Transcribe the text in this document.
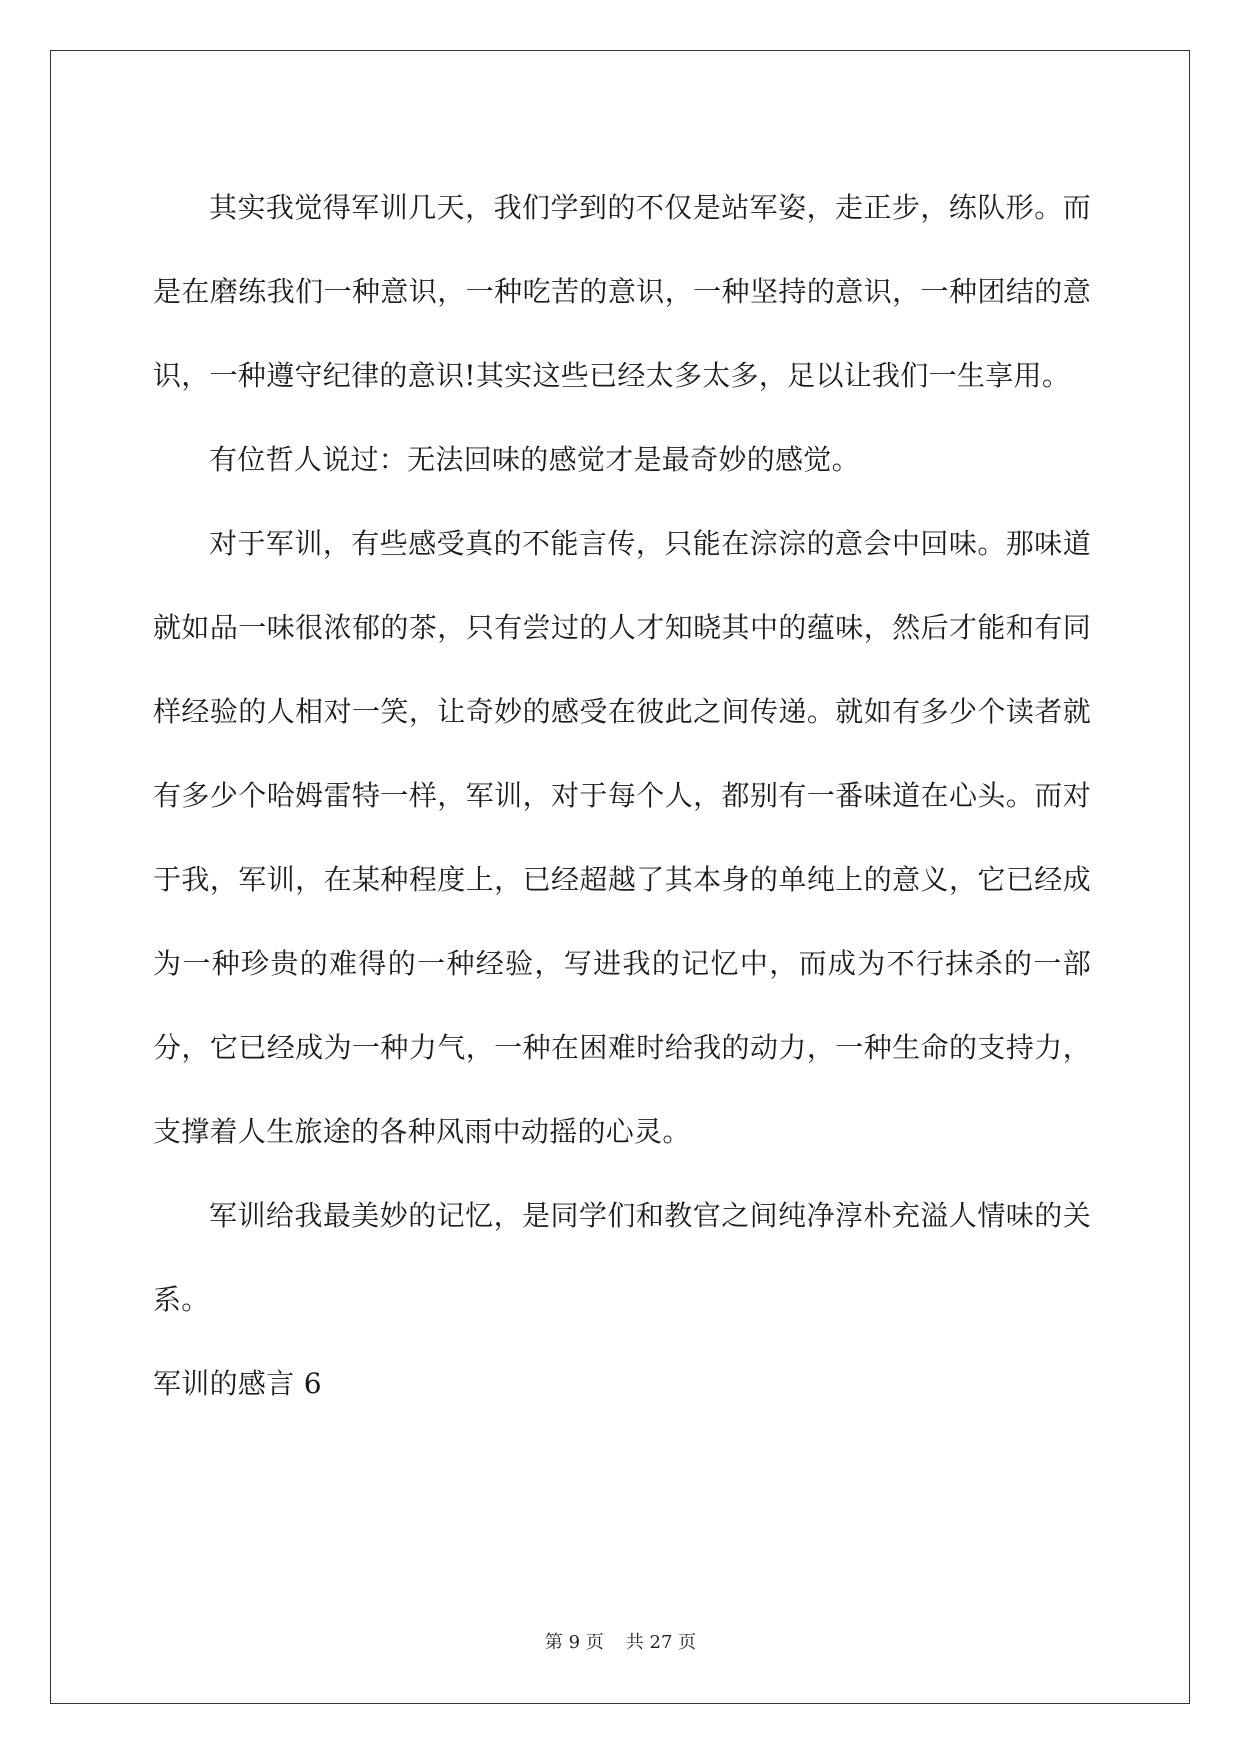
其实我觉得军训几天，我们学到的不仅是站军姿，走正步，练队形。而是在磨练我们一种意识，一种吃苦的意识，一种坚持的意识，一种团结的意识，一种遵守纪律的意识!其实这些已经太多太多，足以让我们一生享用。

有位哲人说过：无法回味的感觉才是最奇妙的感觉。

对于军训，有些感受真的不能言传，只能在淙淙的意会中回味。那味道就如品一味很浓郁的茶，只有尝过的人才知晓其中的蕴味，然后才能和有同样经验的人相对一笑，让奇妙的感受在彼此之间传递。就如有多少个读者就有多少个哈姆雷特一样，军训，对于每个人，都别有一番味道在心头。而对于我，军训，在某种程度上，已经超越了其本身的单纯上的意义，它已经成为一种珍贵的难得的一种经验，写进我的记忆中，而成为不行抹杀的一部分，它已经成为一种力气，一种在困难时给我的动力，一种生命的支持力，支撑着人生旅途的各种风雨中动摇的心灵。

军训给我最美妙的记忆，是同学们和教官之间纯净淳朴充溢人情味的关系。

军训的感言 6

第 9 页 共 27 页
